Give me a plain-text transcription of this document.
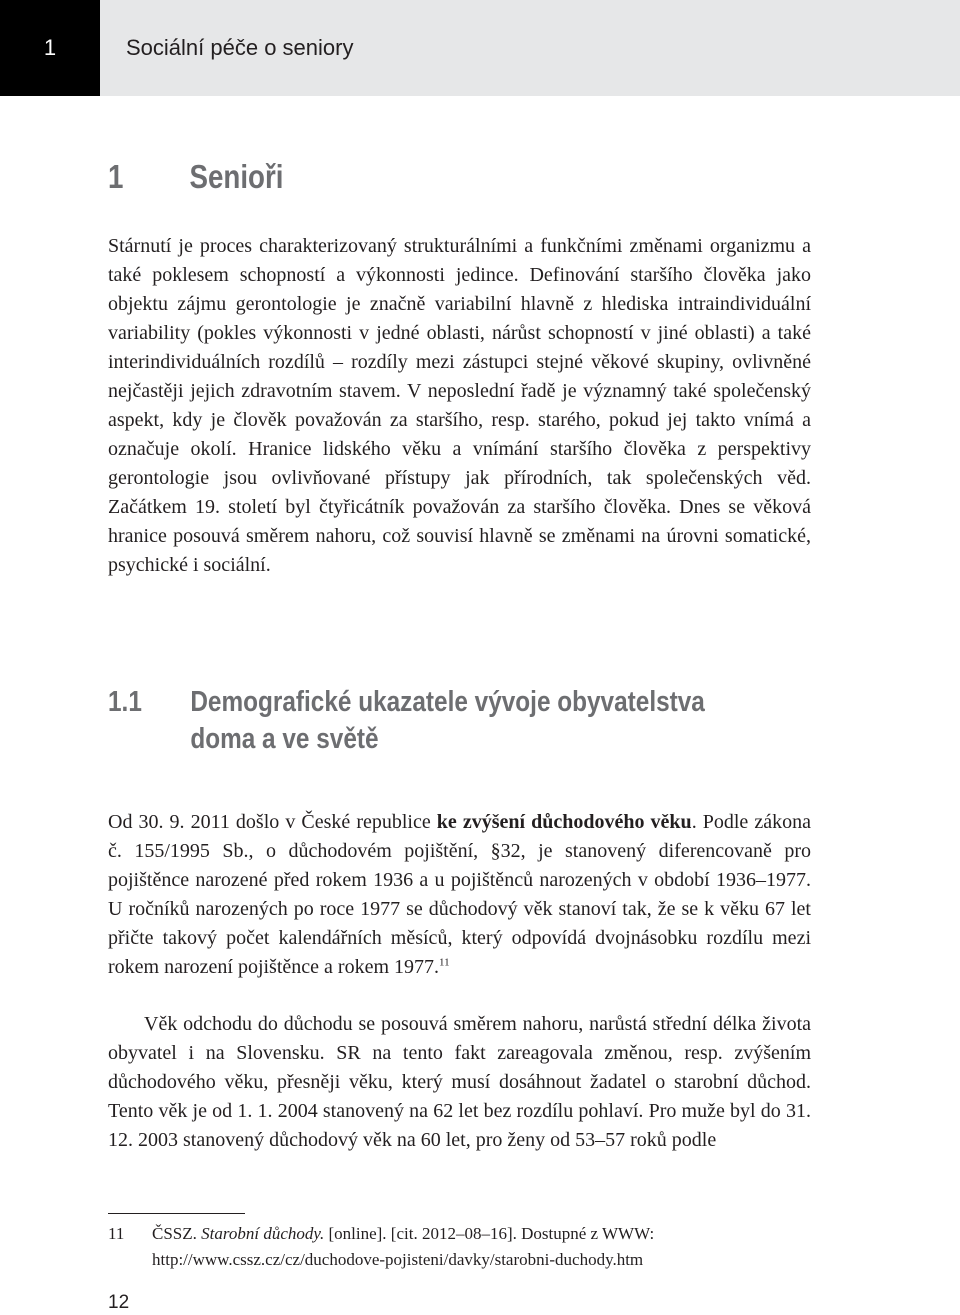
1	Sociální péče o seniory
1 Senioři

Stárnutí je proces charakterizovaný strukturálními a funkčními změnami organizmu a také poklesem schopností a výkonnosti jedince. Definování staršího člověka jako objektu zájmu gerontologie je značně variabilní hlavně z hlediska intraindividuální variability (pokles výkonnosti v jedné oblasti, nárůst schopností v jiné oblasti) a také interindividuálních rozdílů – rozdíly mezi zástupci stejné věkové skupiny, ovlivněné nejčastěji jejich zdravotním stavem. V neposlední řadě je významný také společenský aspekt, kdy je člověk považován za staršího, resp. starého, pokud jej takto vnímá a označuje okolí. Hranice lidského věku a vnímání staršího člověka z perspektivy gerontologie jsou ovlivňované přístupy jak přírodních, tak společenských věd. Začátkem 19. století byl čtyřicátník považován za staršího člověka. Dnes se věková hranice posouvá směrem nahoru, což souvisí hlavně se změnami na úrovni somatické, psychické i sociální.

1.1 Demografické ukazatele vývoje obyvatelstva
doma a ve světě

Od 30. 9. 2011 došlo v České republice ke zvýšení důchodového věku. Podle zákona č. 155/1995 Sb., o důchodovém pojištění, §32, je stanovený diferencovaně pro pojištěnce narozené před rokem 1936 a u pojištěnců narozených v období 1936–1977. U ročníků narozených po roce 1977 se důchodový věk stanoví tak, že se k věku 67 let přičte takový počet kalendářních měsíců, který odpovídá dvojnásobku rozdílu mezi rokem narození pojištěnce a rokem 1977.11

Věk odchodu do důchodu se posouvá směrem nahoru, narůstá střední délka života obyvatel i na Slovensku. SR na tento fakt zareagovala změnou, resp. zvýšením důchodového věku, přesněji věku, který musí dosáhnout žadatel o starobní důchod. Tento věk je od 1. 1. 2004 stanovený na 62 let bez rozdílu pohlaví. Pro muže byl do 31. 12. 2003 stanovený důchodový věk na 60 let, pro ženy od 53–57 roků podle

11 ČSSZ. Starobní důchody. [online]. [cit. 2012–08–16]. Dostupné z WWW: http://www.cssz.cz/cz/duchodove-pojisteni/davky/starobni-duchody.htm
12
